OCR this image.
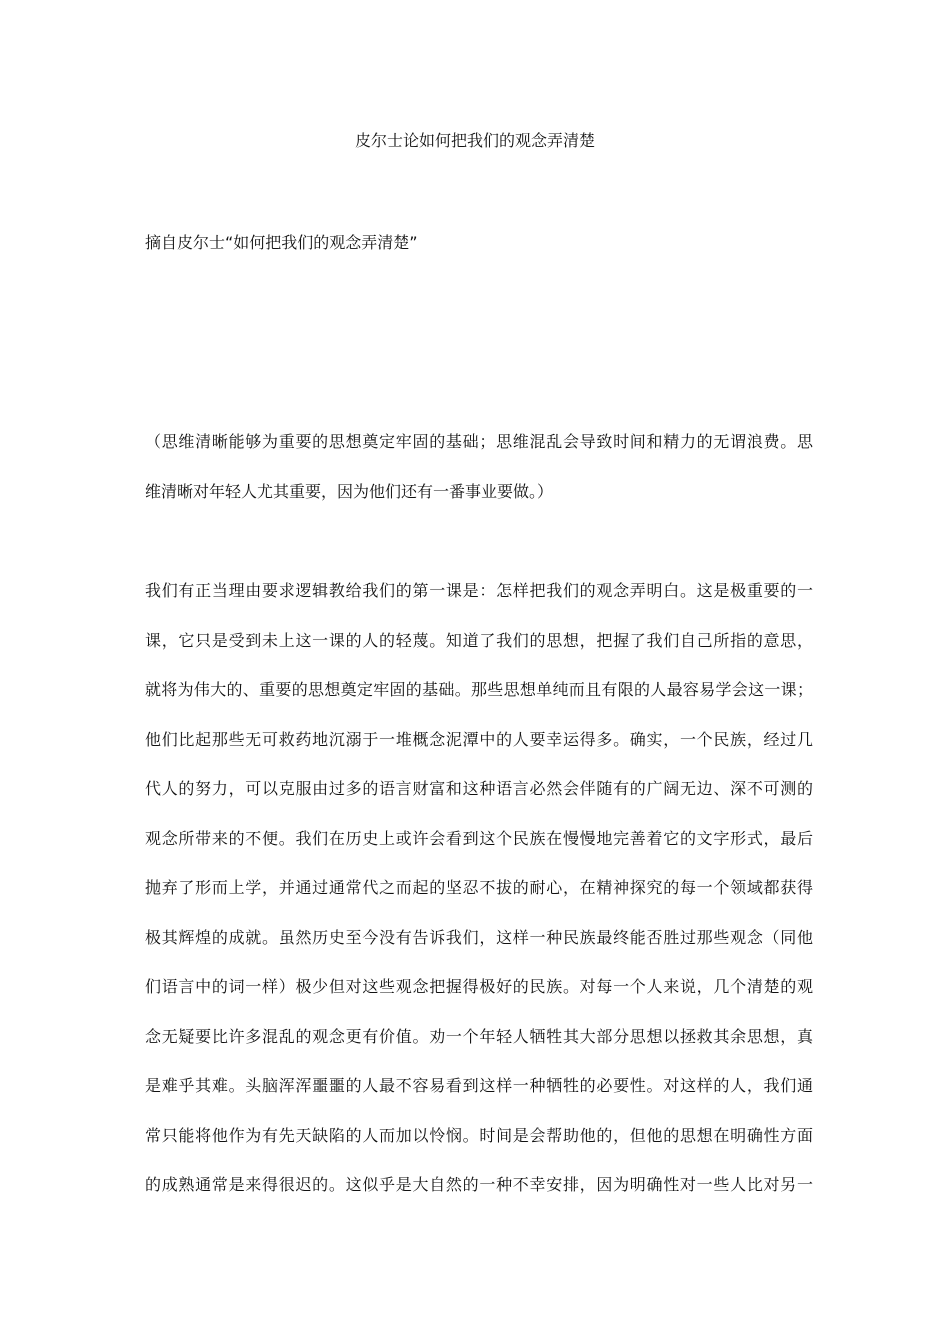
皮尔士论如何把我们的观念弄清楚
摘自皮尔士“如何把我们的观念弄清楚”
（思维清晰能够为重要的思想奠定牢固的基础；思维混乱会导致时间和精力的无谓浪费。思
维清晰对年轻人尤其重要，因为他们还有一番事业要做。）
我们有正当理由要求逻辑教给我们的第一课是：怎样把我们的观念弄明白。这是极重要的一
课，它只是受到未上这一课的人的轻蔑。知道了我们的思想，把握了我们自己所指的意思，
就将为伟大的、重要的思想奠定牢固的基础。那些思想单纯而且有限的人最容易学会这一课；
他们比起那些无可救药地沉溺于一堆概念泥潭中的人要幸运得多。确实，一个民族，经过几
代人的努力，可以克服由过多的语言财富和这种语言必然会伴随有的广阔无边、深不可测的
观念所带来的不便。我们在历史上或许会看到这个民族在慢慢地完善着它的文字形式，最后
抛弃了形而上学，并通过通常代之而起的坚忍不拔的耐心，在精神探究的每一个领域都获得
极其辉煌的成就。虽然历史至今没有告诉我们，这样一种民族最终能否胜过那些观念（同他
们语言中的词一样）极少但对这些观念把握得极好的民族。对每一个人来说，几个清楚的观
念无疑要比许多混乱的观念更有价值。劝一个年轻人牺牲其大部分思想以拯救其余思想，真
是难乎其难。头脑浑浑噩噩的人最不容易看到这样一种牺牲的必要性。对这样的人，我们通
常只能将他作为有先天缺陷的人而加以怜悯。时间是会帮助他的，但他的思想在明确性方面
的成熟通常是来得很迟的。这似乎是大自然的一种不幸安排，因为明确性对一些人比对另一
